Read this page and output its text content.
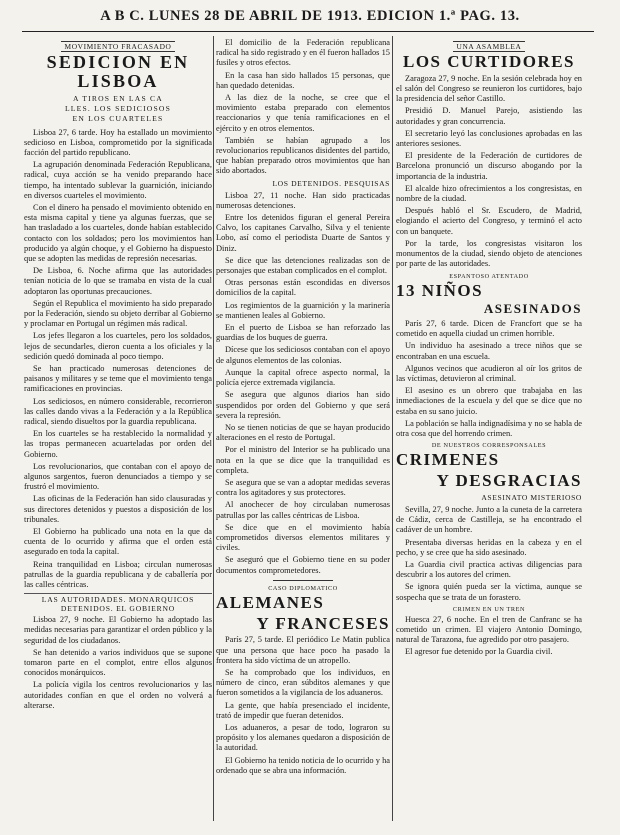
A B C. LUNES 28 DE ABRIL DE 1913. EDICION 1.ª PAG. 13.
MOVIMIENTO FRACASADO
SEDICION EN LISBOA
A TIROS EN LAS CA
LLES. LOS SEDICIOSOS
EN LOS CUARTELES

Lisboa 27, 6 tarde. Hoy ha estallado un movimiento sedicioso en Lisboa, comprometido por la significada facción del partido republicano.

La agrupación denominada Federación Republicana, radical, cuya acción se ha venido preparando hace tiempo, ha intentado sublevar la guarnición, iniciando en diversos cuarteles el movimiento.

Con el dinero ha pensado el movimiento obtenido en esta misma capital y tiene ya algunas fuerzas, que se han trasladado a los cuarteles, donde habían establecido contacto con los soldados; pero los movimientos han producido ya algún choque, y el Gobierno ha dispuesto que se adopten las medidas de represión necesarias.

De Lisboa, 6. Noche afirma que las autoridades tenían noticia de lo que se tramaba en vista de la cual adoptaron las oportunas precauciones.

Según el Republica el movimiento ha sido preparado por la Federación, siendo su objeto derribar al Gobierno y proclamar en Portugal un régimen más radical.

Los jefes llegaron a los cuarteles, pero los soldados, lejos de secundarles, dieron cuenta a los oficiales y la sedición quedó dominada al poco tiempo.

Se han practicado numerosas detenciones de paisanos y militares y se teme que el movimiento tenga ramificaciones en provincias.

Los sediciosos, en número considerable, recorrieron las calles dando vivas a la Federación y a la República radical, siendo disueltos por la guardia republicana.

En los cuarteles se ha restablecido la normalidad y las tropas permanecen acuarteladas por orden del Gobierno.

Los revolucionarios, que contaban con el apoyo de algunos sargentos, fueron denunciados a tiempo y se frustró el movimiento.

Las oficinas de la Federación han sido clausuradas y sus directores detenidos y puestos a disposición de los tribunales.

El Gobierno ha publicado una nota en la que da cuenta de lo ocurrido y afirma que el orden está asegurado en toda la capital.

Reina tranquilidad en Lisboa; circulan numerosas patrullas de la guardia republicana y de caballería por las calles céntricas.

LAS AUTORIDADES. MONARQUICOS DETENIDOS. EL GOBIERNO

Lisboa 27, 9 noche. El Gobierno ha adoptado las medidas necesarias para garantizar el orden público y la seguridad de los ciudadanos.

Se han detenido a varios individuos que se supone tomaron parte en el complot, entre ellos algunos conocidos monárquicos.

La policía vigila los centros revolucionarios y las autoridades confían en que el orden no volverá a alterarse.

El domicilio de la Federación republicana radical ha sido registrado y en él fueron hallados 15 fusiles y otros efectos.

En la casa han sido hallados 15 personas, que han quedado detenidas.

A las diez de la noche, se cree que el movimiento estaba preparado con elementos reaccionarios y que tenía ramificaciones en el ejército y en otros elementos.

También se habían agrupado a los revolucionarios republicanos disidentes del partido, que habían preparado otros movimientos que han sido abortados.

LOS DETENIDOS. PESQUISAS

Lisboa 27, 11 noche. Han sido practicadas numerosas detenciones.

Entre los detenidos figuran el general Pereira Calvo, los capitanes Carvalho, Silva y el teniente Lobo, así como el periodista Duarte de Santos y Diniz.

Se dice que las detenciones realizadas son de personajes que estaban complicados en el complot.

Otras personas están escondidas en diversos domicilios de la capital.

Los regimientos de la guarnición y la marinería se mantienen leales al Gobierno.

En el puerto de Lisboa se han reforzado las guardias de los buques de guerra.

Dícese que los sediciosos contaban con el apoyo de algunos elementos de las colonias.

Aunque la capital ofrece aspecto normal, la policía ejerce extremada vigilancia.

Se asegura que algunos diarios han sido suspendidos por orden del Gobierno y que será severa la represión.

No se tienen noticias de que se hayan producido alteraciones en el resto de Portugal.

Por el ministro del Interior se ha publicado una nota en la que se dice que la tranquilidad es completa.

Se asegura que se van a adoptar medidas severas contra los agitadores y sus protectores.

Al anochecer de hoy circulaban numerosas patrullas por las calles céntricas de Lisboa.

Se dice que en el movimiento había comprometidos diversos elementos militares y civiles.

Se aseguró que el Gobierno tiene en su poder documentos comprometedores.

CASO DIPLOMATICO
ALEMANES
Y FRANCESES

París 27, 5 tarde. El periódico Le Matin publica que una persona que hace poco ha pasado la frontera ha sido víctima de un atropello.

Se ha comprobado que los individuos, en número de cinco, eran súbditos alemanes y que fueron sometidos a la vigilancia de los aduaneros.

La gente, que había presenciado el incidente, trató de impedir que fueran detenidos.

Los aduaneros, a pesar de todo, lograron su propósito y los alemanes quedaron a disposición de la autoridad.

El Gobierno ha tenido noticia de lo ocurrido y ha ordenado que se abra una información.

UNA ASAMBLEA
LOS CURTIDORES

Zaragoza 27, 9 noche. En la sesión celebrada hoy en el salón del Congreso se reunieron los curtidores, bajo la presidencia del señor Castillo.

Presidió D. Manuel Parejo, asistiendo las autoridades y gran concurrencia.

El secretario leyó las conclusiones aprobadas en las anteriores sesiones.

El presidente de la Federación de curtidores de Barcelona pronunció un discurso abogando por la importancia de la industria.

El alcalde hizo ofrecimientos a los congresistas, en nombre de la ciudad.

Después habló el Sr. Escudero, de Madrid, elogiando el acierto del Congreso, y terminó el acto con un banquete.

Por la tarde, los congresistas visitaron los monumentos de la ciudad, siendo objeto de atenciones por parte de las autoridades.

ESPANTOSO ATENTADO
13 NIÑOS
ASESINADOS

París 27, 6 tarde. Dicen de Francfort que se ha cometido en aquella ciudad un crimen horrible.

Un individuo ha asesinado a trece niños que se encontraban en una escuela.

Algunos vecinos que acudieron al oír los gritos de las víctimas, detuvieron al criminal.

El asesino es un obrero que trabajaba en las inmediaciones de la escuela y del que se dice que no estaba en su sano juicio.

La población se halla indignadísima y no se habla de otra cosa que del horrendo crimen.

DE NUESTROS CORRESPONSALES
CRIMENES
Y DESGRACIAS
ASESINATO MISTERIOSO

Sevilla, 27, 9 noche. Junto a la cuneta de la carretera de Cádiz, cerca de Castilleja, se ha encontrado el cadáver de un hombre.

Presentaba diversas heridas en la cabeza y en el pecho, y se cree que ha sido asesinado.

La Guardia civil practica activas diligencias para descubrir a los autores del crimen.

Se ignora quién pueda ser la víctima, aunque se sospecha que se trata de un forastero.

CRIMEN EN UN TREN

Huesca 27, 6 noche. En el tren de Canfranc se ha cometido un crimen. El viajero Antonio Domingo, natural de Tarazona, fue agredido por otro pasajero.

El agresor fue detenido por la Guardia civil.
